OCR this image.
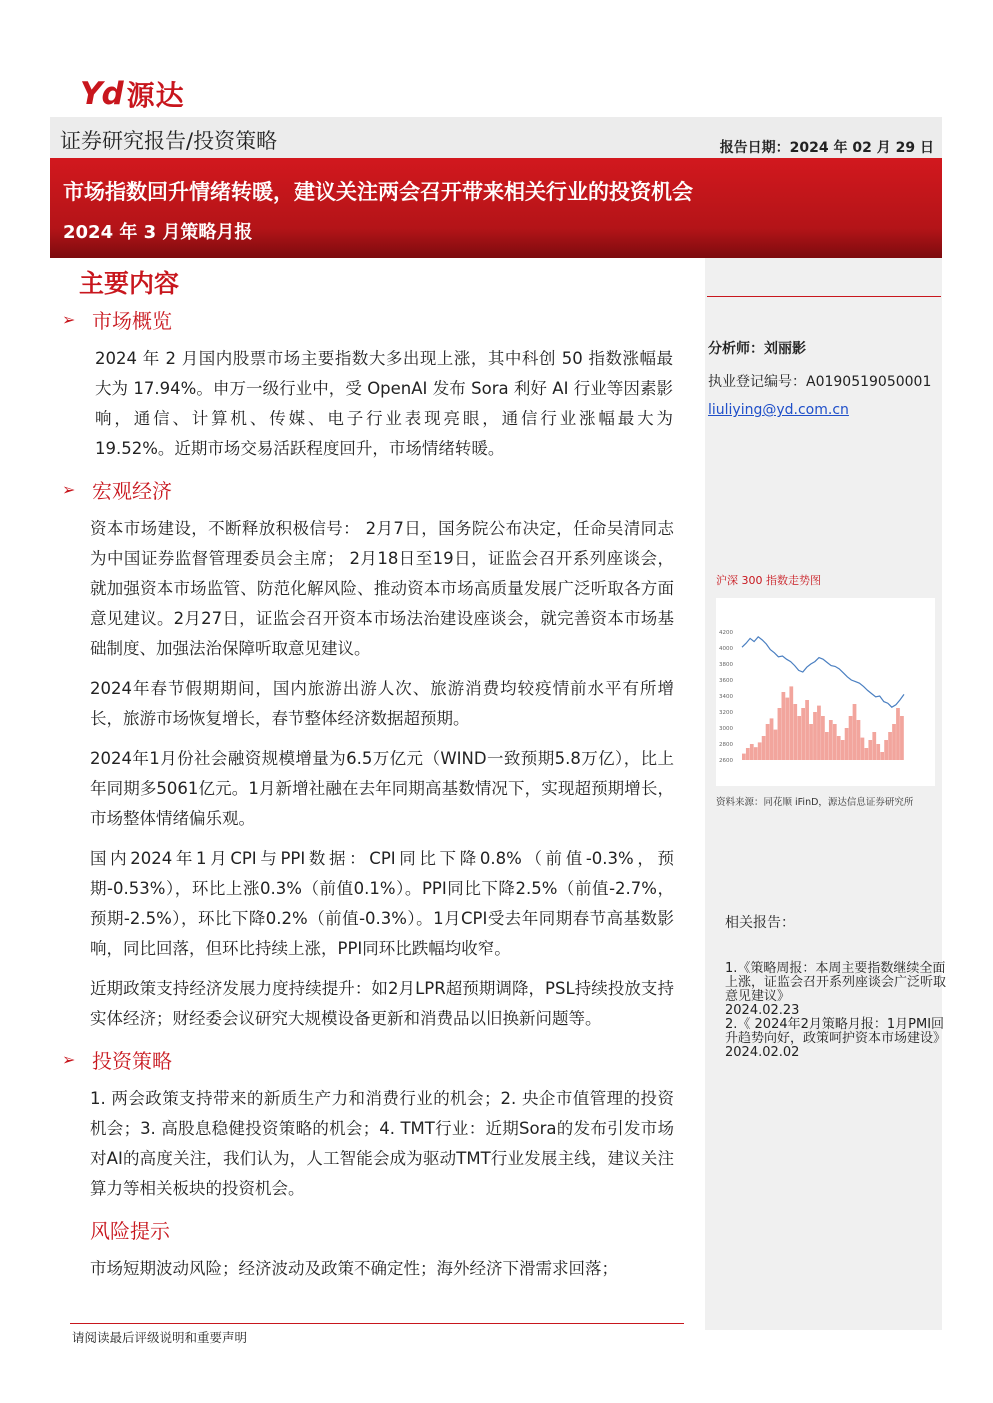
Yd 源达
证券研究报告/投资策略	报告日期：2024 年 02 月 29 日
市场指数回升情绪转暖，建议关注两会召开带来相关行业的投资机会
2024 年 3 月策略月报
主要内容
➢ 市场概览
2024 年 2 月国内股票市场主要指数大多出现上涨，其中科创 50 指数涨幅最大为 17.94%。申万一级行业中，受 OpenAI 发布 Sora 利好 AI 行业等因素影响，通信、计算机、传媒、电子行业表现亮眼，通信行业涨幅最大为 19.52%。近期市场交易活跃程度回升，市场情绪转暖。
➢ 宏观经济
资本市场建设，不断释放积极信号： 2月7日，国务院公布决定，任命吴清同志为中国证券监督管理委员会主席； 2月18日至19日，证监会召开系列座谈会，就加强资本市场监管、防范化解风险、推动资本市场高质量发展广泛听取各方面意见建议。2月27日，证监会召开资本市场法治建设座谈会，就完善资本市场基础制度、加强法治保障听取意见建议。
2024年春节假期期间，国内旅游出游人次、旅游消费均较疫情前水平有所增长，旅游市场恢复增长，春节整体经济数据超预期。
2024年1月份社会融资规模增量为6.5万亿元（WIND一致预期5.8万亿），比上年同期多5061亿元。1月新增社融在去年同期高基数情况下，实现超预期增长，市场整体情绪偏乐观。
国内2024年1月CPI与PPI数据：CPI同比下降0.8%（前值-0.3%，预期-0.53%），环比上涨0.3%（前值0.1%）。PPI同比下降2.5%（前值-2.7%，预期-2.5%），环比下降0.2%（前值-0.3%）。1月CPI受去年同期春节高基数影响，同比回落，但环比持续上涨，PPI同环比跌幅均收窄。
近期政策支持经济发展力度持续提升：如2月LPR超预期调降，PSL持续投放支持实体经济；财经委会议研究大规模设备更新和消费品以旧换新问题等。
➢ 投资策略
1. 两会政策支持带来的新质生产力和消费行业的机会；2. 央企市值管理的投资机会；3. 高股息稳健投资策略的机会；4. TMT行业：近期Sora的发布引发市场对AI的高度关注，我们认为，人工智能会成为驱动TMT行业发展主线，建议关注算力等相关板块的投资机会。
风险提示
市场短期波动风险；经济波动及政策不确定性；海外经济下滑需求回落；
分析师：刘丽影
执业登记编号：A0190519050001
liuliying@yd.com.cn
沪深 300 指数走势图
4200
4000
3800
3600
3400
3200
3000
2800
2600
资料来源：同花顺 iFinD，源达信息证券研究所
相关报告：
1.《策略周报：本周主要指数继续全面上涨，证监会召开系列座谈会广泛听取意见建议》
2024.02.23
2.《 2024年2月策略月报：1月PMI回升趋势向好，政策呵护资本市场建设》
2024.02.02
请阅读最后评级说明和重要声明
